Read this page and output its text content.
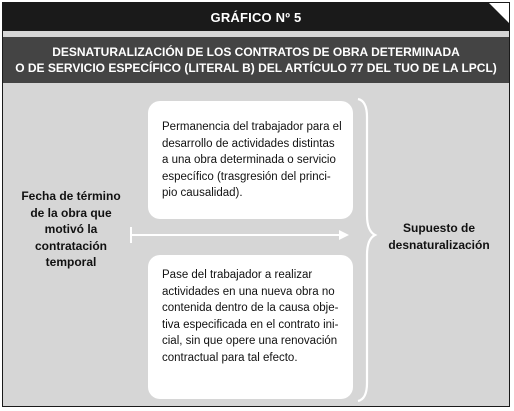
GRÁFICO Nº 5
DESNATURALIZACIÓN DE LOS CONTRATOS DE OBRA DETERMINADA
O DE SERVICIO ESPECÍFICO (LITERAL B) DEL ARTÍCULO 77 DEL TUO DE LA LPCL)
Fecha de término
de la obra que
motivó la
contratación
temporal
Permanencia del trabajador para el
desarrollo de actividades distintas
a una obra determinada o servicio
específico (trasgresión del princi-
pio causalidad).
Pase del trabajador a realizar
actividades en una nueva obra no
contenida dentro de la causa obje-
tiva especificada en el contrato ini-
cial, sin que opere una renovación
contractual para tal efecto.
Supuesto de
desnaturalización
